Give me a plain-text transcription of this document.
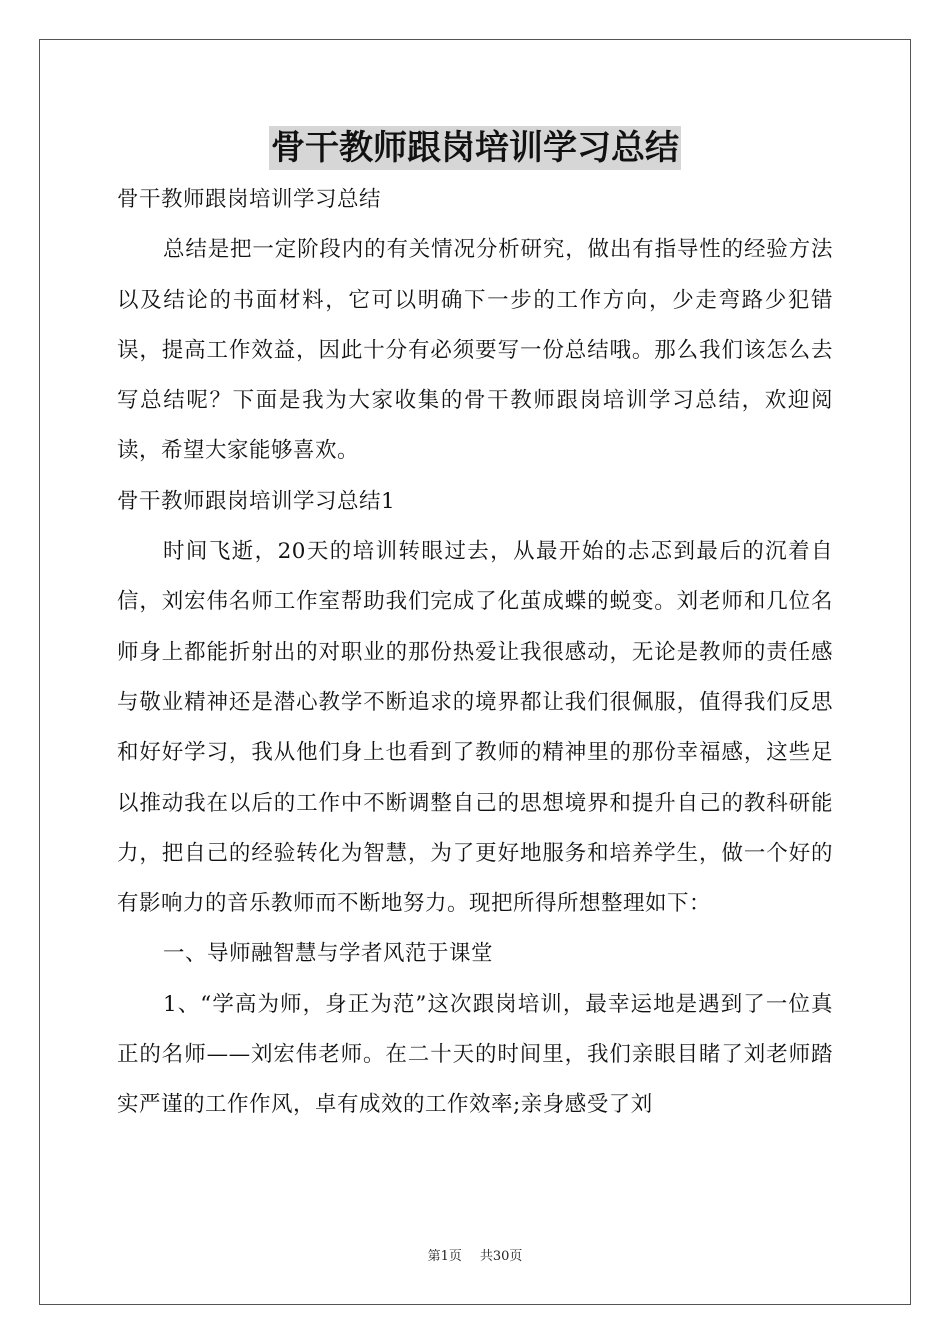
骨干教师跟岗培训学习总结

骨干教师跟岗培训学习总结

总结是把一定阶段内的有关情况分析研究，做出有指导性的经验方法以及结论的书面材料，它可以明确下一步的工作方向，少走弯路少犯错误，提高工作效益，因此十分有必须要写一份总结哦。那么我们该怎么去写总结呢？下面是我为大家收集的骨干教师跟岗培训学习总结，欢迎阅读，希望大家能够喜欢。

骨干教师跟岗培训学习总结1

时间飞逝，20天的培训转眼过去，从最开始的忐忑到最后的沉着自信，刘宏伟名师工作室帮助我们完成了化茧成蝶的蜕变。刘老师和几位名师身上都能折射出的对职业的那份热爱让我很感动，无论是教师的责任感与敬业精神还是潜心教学不断追求的境界都让我们很佩服，值得我们反思和好好学习，我从他们身上也看到了教师的精神里的那份幸福感，这些足以推动我在以后的工作中不断调整自己的思想境界和提升自己的教科研能力，把自己的经验转化为智慧，为了更好地服务和培养学生，做一个好的有影响力的音乐教师而不断地努力。现把所得所想整理如下：

一、导师融智慧与学者风范于课堂

1、“学高为师，身正为范”这次跟岗培训，最幸运地是遇到了一位真正的名师——刘宏伟老师。在二十天的时间里，我们亲眼目睹了刘老师踏实严谨的工作作风，卓有成效的工作效率;亲身感受了刘

第1页 共30页
